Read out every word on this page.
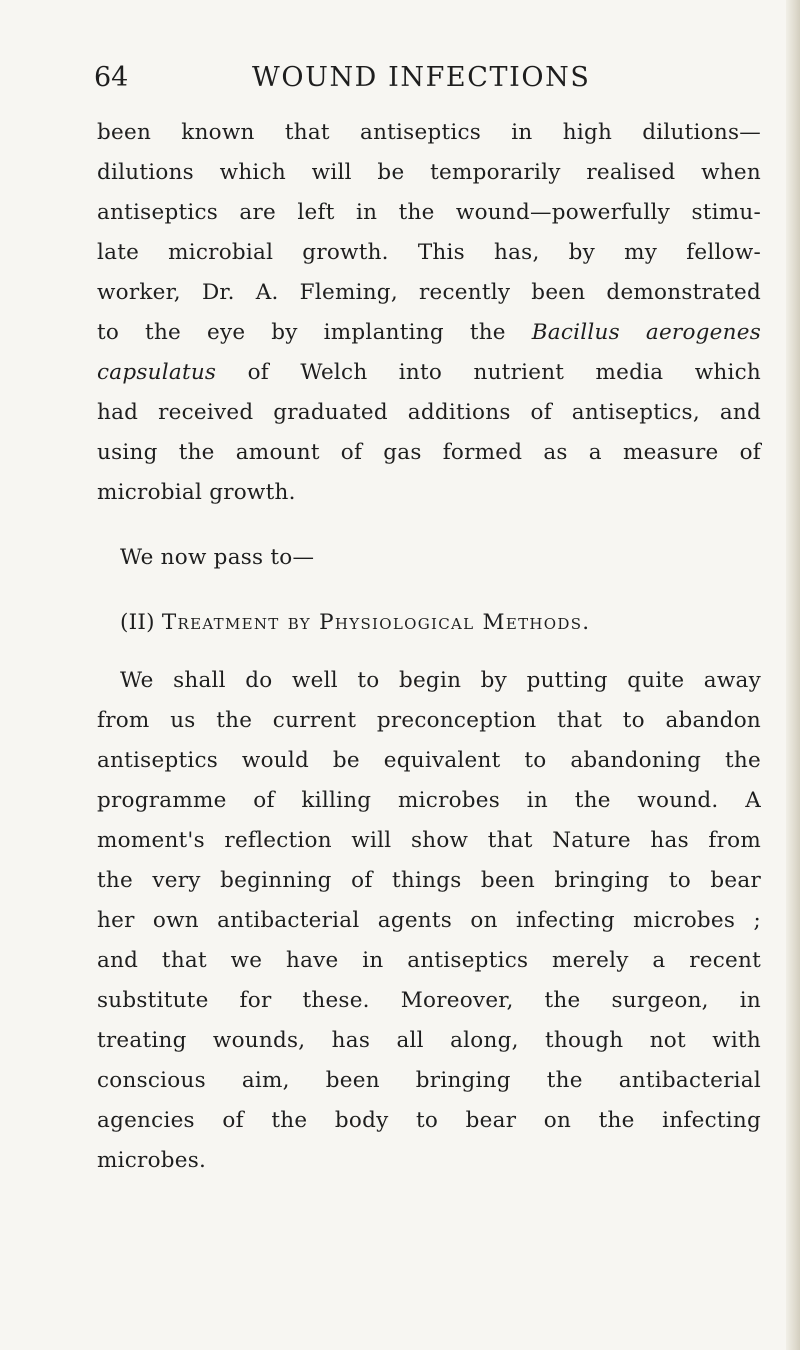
64	WOUND INFECTIONS
been known that antiseptics in high dilutions—
dilutions which will be temporarily realised when
antiseptics are left in the wound—powerfully stimu-
late microbial growth. This has, by my fellow-
worker, Dr. A. Fleming, recently been demonstrated
to the eye by implanting the Bacillus aerogenes
capsulatus of Welch into nutrient media which
had received graduated additions of antiseptics, and
using the amount of gas formed as a measure of
microbial growth.
We now pass to—
(II) Treatment by Physiological Methods.
We shall do well to begin by putting quite away
from us the current preconception that to abandon
antiseptics would be equivalent to abandoning the
programme of killing microbes in the wound. A
moment's reflection will show that Nature has from
the very beginning of things been bringing to bear
her own antibacterial agents on infecting microbes ;
and that we have in antiseptics merely a recent
substitute for these. Moreover, the surgeon, in
treating wounds, has all along, though not with
conscious aim, been bringing the antibacterial
agencies of the body to bear on the infecting
microbes.
